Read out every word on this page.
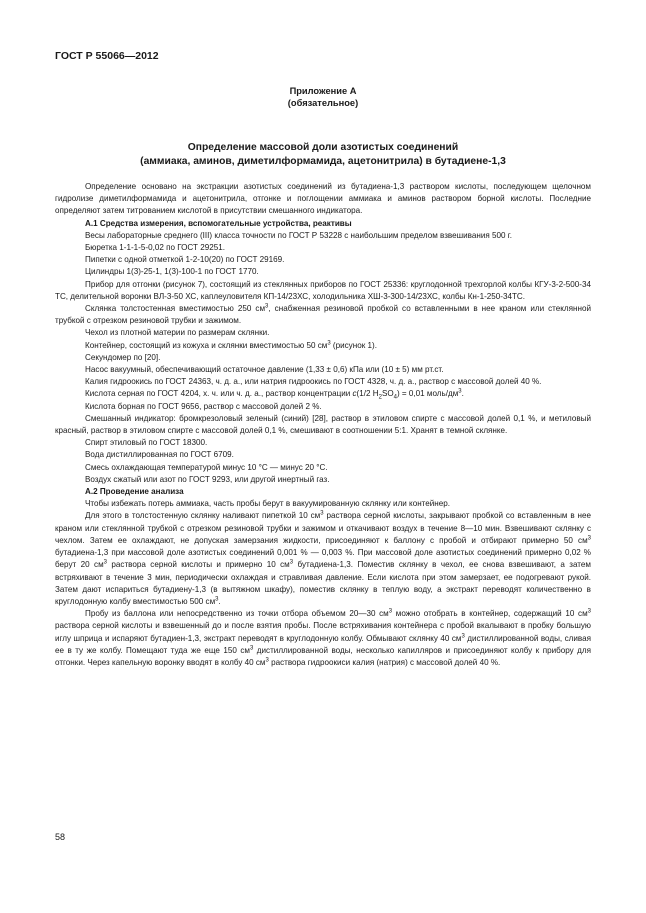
ГОСТ Р 55066—2012
Приложение А
(обязательное)
Определение массовой доли азотистых соединений
(аммиака, аминов, диметилформамида, ацетонитрила) в бутадиене-1,3

Определение основано на экстракции азотистых соединений из бутадиена-1,3 раствором кислоты, последующем щелочном гидролизе диметилформамида и ацетонитрила, отгонке и поглощении аммиака и аминов раствором борной кислоты. Последние определяют затем титрованием кислотой в присутствии смешанного индикатора.

А.1 Средства измерения, вспомогательные устройства, реактивы

Весы лабораторные среднего (III) класса точности по ГОСТ Р 53228 с наибольшим пределом взвешивания 500 г.

Бюретка 1-1-1-5-0,02 по ГОСТ 29251.

Пипетки с одной отметкой 1-2-10(20) по ГОСТ 29169.

Цилиндры 1(3)-25-1, 1(3)-100-1 по ГОСТ 1770.

Прибор для отгонки (рисунок 7), состоящий из стеклянных приборов по ГОСТ 25336: круглодонной трехгорлой колбы КГУ-3-2-500-34 ТС, делительной воронки ВЛ-3-50 ХС, каплеуловителя КП-14/23ХС, холодильника ХШ-3-300-14/23ХС, колбы Кн-1-250-34ТС.

Склянка толстостенная вместимостью 250 $см^3$, снабженная резиновой пробкой со вставленными в нее краном или стеклянной трубкой с отрезком резиновой трубки и зажимом.

Чехол из плотной материи по размерам склянки.

Контейнер, состоящий из кожуха и склянки вместимостью 50 $см^3$ (рисунок 1).

Секундомер по [20].

Насос вакуумный, обеспечивающий остаточное давление (1,33 ± 0,6) кПа или (10 ± 5) мм рт.ст.

Калия гидроокись по ГОСТ 24363, ч. д. а., или натрия гидроокись по ГОСТ 4328, ч. д. а., раствор с массовой долей 40 %.

Кислота серная по ГОСТ 4204, х. ч. или ч. д. а., раствор концентрации c(1/2 $H_2SO_4) = 0,01$ моль/$дм^3$.

Кислота борная по ГОСТ 9656, раствор с массовой долей 2 %.

Смешанный индикатор: бромкрезоловый зеленый (синий) [28], раствор в этиловом спирте с массовой долей 0,1 %, и метиловый красный, раствор в этиловом спирте с массовой долей 0,1 %, смешивают в соотношении 5:1. Хранят в темной склянке.

Спирт этиловый по ГОСТ 18300.

Вода дистиллированная по ГОСТ 6709.

Смесь охлаждающая температурой минус 10 °С — минус 20 °С.

Воздух сжатый или азот по ГОСТ 9293, или другой инертный газ.

А.2 Проведение анализа

Чтобы избежать потерь аммиака, часть пробы берут в вакуумированную склянку или контейнер.

Для этого в толстостенную склянку наливают пипеткой 10 $см^3$ раствора серной кислоты, закрывают пробкой со вставленным в нее краном или стеклянной трубкой с отрезком резиновой трубки и зажимом и откачивают воздух в течение 8—10 мин. Взвешивают склянку с чехлом. Затем ее охлаждают, не допуская замерзания жидкости, присоединяют к баллону с пробой и отбирают примерно 50 $см^3$ бутадиена-1,3 при массовой доле азотистых соединений 0,001 % — 0,003 %. При массовой доле азотистых соединений примерно 0,02 % берут 20 $см^3$ раствора серной кислоты и примерно 10 $см^3$ бутадиена-1,3. Поместив склянку в чехол, ее снова взвешивают, а затем встряхивают в течение 3 мин, периодически охлаждая и стравливая давление. Если кислота при этом замерзает, ее подогревают рукой. Затем дают испариться бутадиену-1,3 (в вытяжном шкафу), поместив склянку в теплую воду, а экстракт переводят количественно в круглодонную колбу вместимостью 500 $см^3$.

Пробу из баллона или непосредственно из точки отбора объемом 20—30 $см^3$ можно отобрать в контейнер, содержащий 10 $см^3$ раствора серной кислоты и взвешенный до и после взятия пробы. После встряхивания контейнера с пробой вкалывают в пробку большую иглу шприца и испаряют бутадиен-1,3, экстракт переводят в круглодонную колбу. Обмывают склянку 40 $см^3$ дистиллированной воды, сливая ее в ту же колбу. Помещают туда же еще 150 $см^3$ дистиллированной воды, несколько капилляров и присоединяют колбу к прибору для отгонки. Через капельную воронку вводят в колбу 40 $см^3$ раствора гидроокиси калия (натрия) с массовой долей 40 %.

58
